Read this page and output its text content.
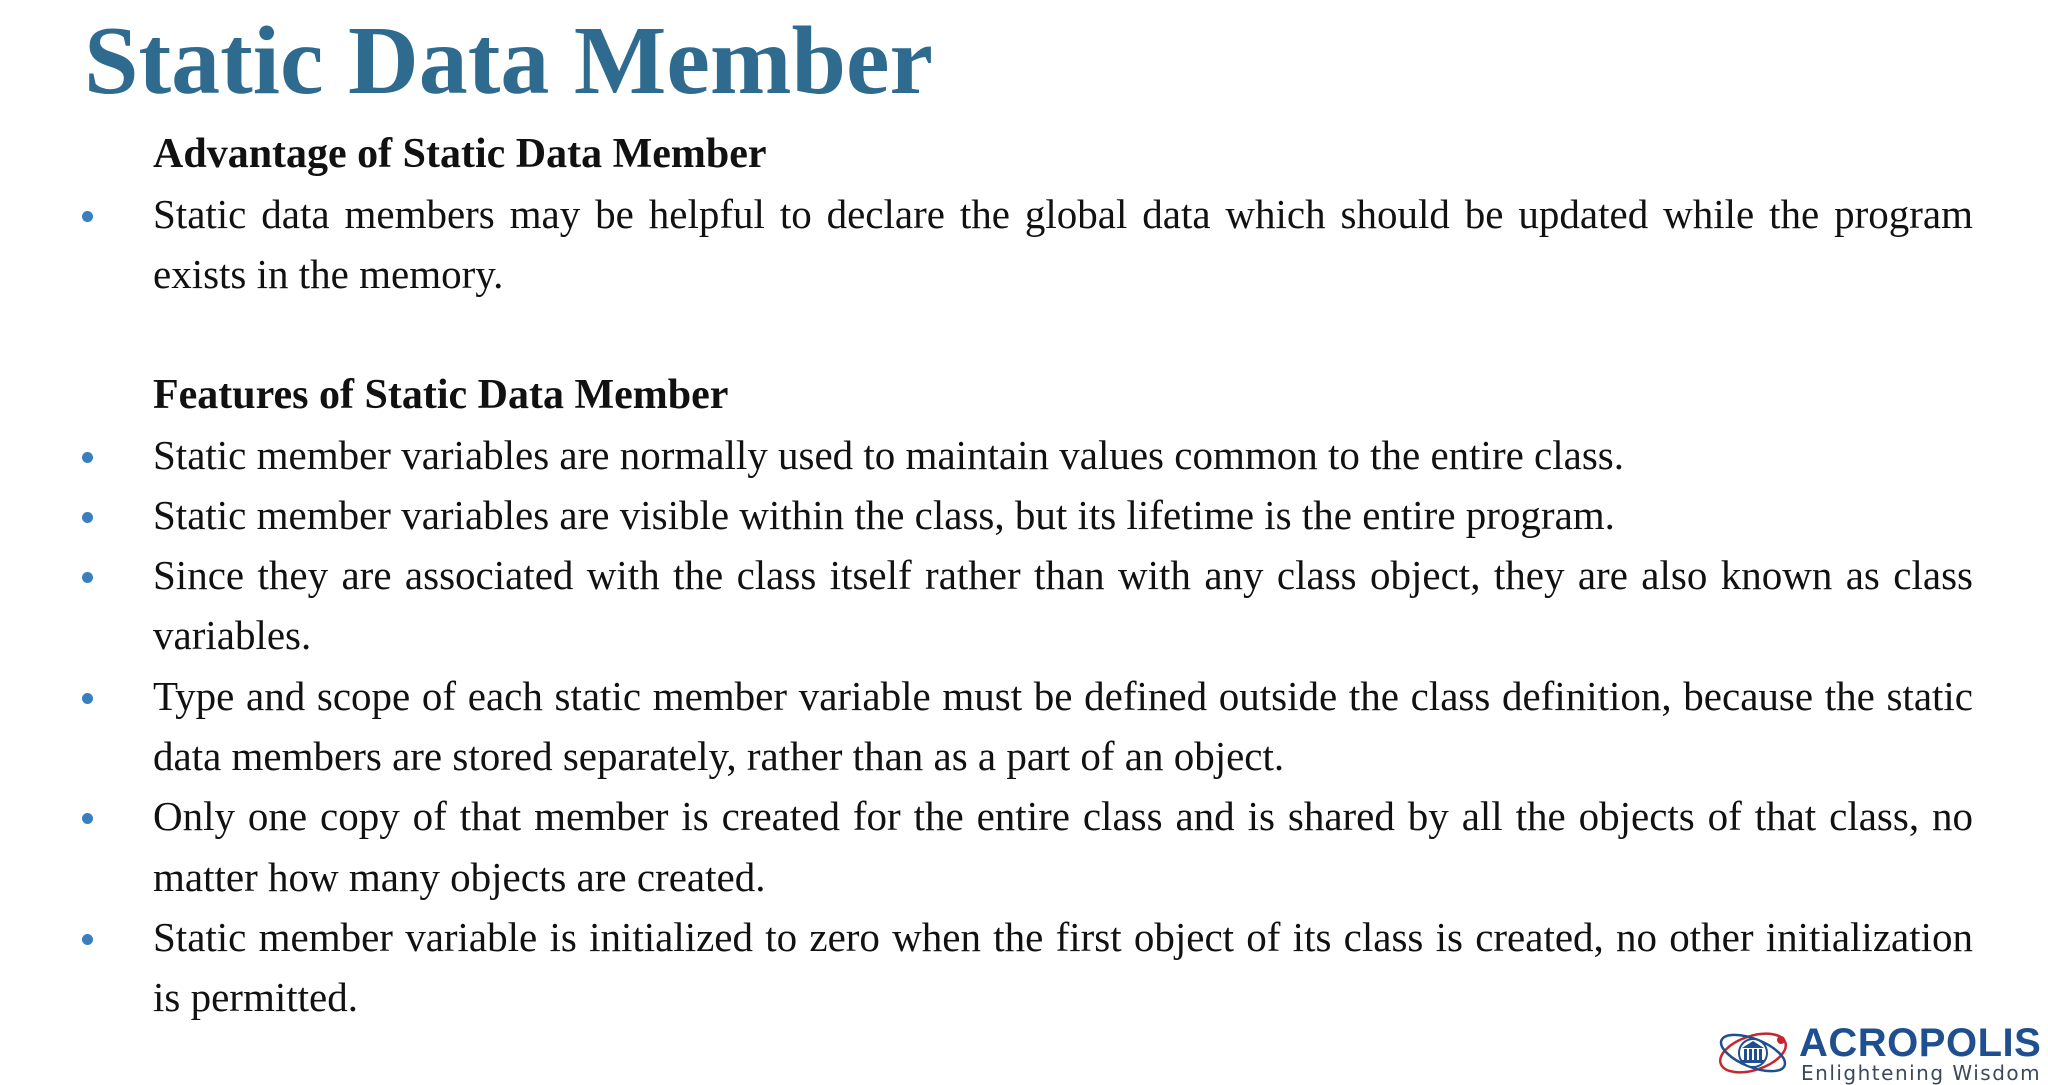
Static Data Member
Advantage of Static Data Member
Static data members may be helpful to declare the global data which should be updated while the program exists in the memory.
Features of Static Data Member
Static member variables are normally used to maintain values common to the entire class.
Static member variables are visible within the class, but its lifetime is the entire program.
Since they are associated with the class itself rather than with any class object, they are also known as class variables.
Type and scope of each static member variable must be defined outside the class definition, because the static data members are stored separately, rather than as a part of an object.
Only one copy of that member is created for the entire class and is shared by all the objects of that class, no matter how many objects are created.
Static member variable is initialized to zero when the first object of its class is created, no other initialization is permitted.
ACROPOLIS
Enlightening Wisdom
